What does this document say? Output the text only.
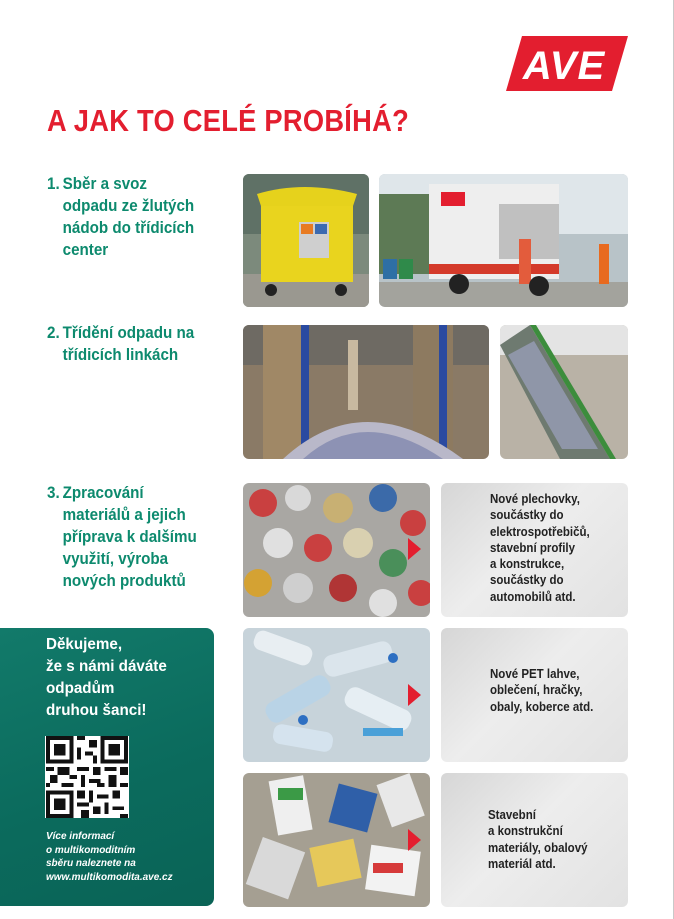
AVE
A JAK TO CELÉ PROBÍHÁ?
1. Sběr a svoz
odpadu ze žlutých
nádob do třídicích
center
2. Třídění odpadu na
třídicích linkách
3. Zpracování
materiálů a jejich
příprava k dalšímu
využití, výroba
nových produktů
Nové plechovky,
součástky do
elektrospotřebičů,
stavební profily
a konstrukce,
součástky do
automobilů atd.
Nové PET lahve,
oblečení, hračky,
obaly, koberce atd.
Stavební
a konstrukční
materiály, obalový
materiál atd.
Děkujeme,
že s námi dáváte
odpadům
druhou šanci!
Více informací
o multikomoditním
sběru naleznete na
www.multikomodita.ave.cz
